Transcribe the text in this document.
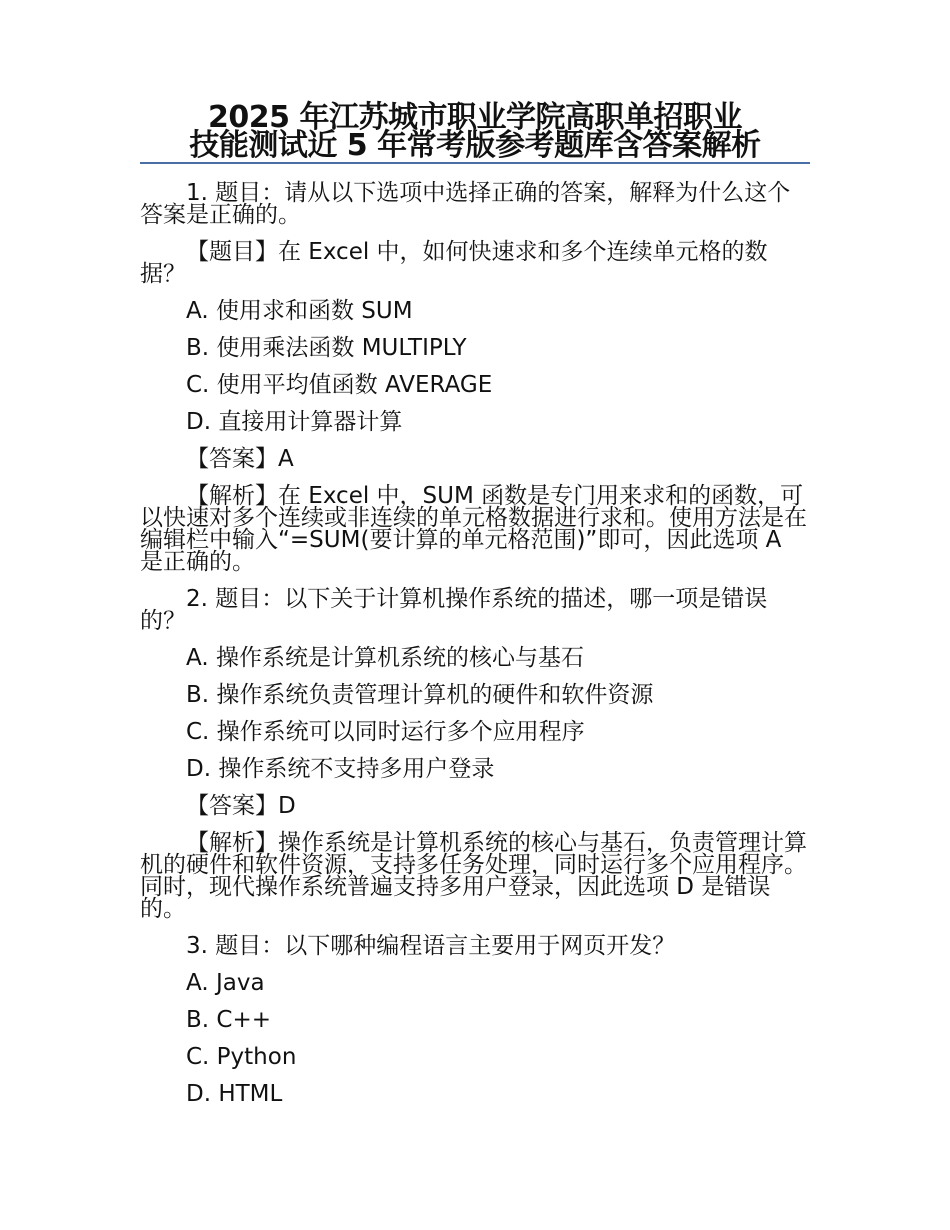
2025 年江苏城市职业学院高职单招职业
技能测试近 5 年常考版参考题库含答案解析

1. 题目：请从以下选项中选择正确的答案，解释为什么这个答案是正确的。

【题目】在 Excel 中，如何快速求和多个连续单元格的数据？

A. 使用求和函数 SUM

B. 使用乘法函数 MULTIPLY

C. 使用平均值函数 AVERAGE

D. 直接用计算器计算

【答案】A

【解析】在 Excel 中，SUM 函数是专门用来求和的函数，可以快速对多个连续或非连续的单元格数据进行求和。使用方法是在编辑栏中输入“=SUM(要计算的单元格范围)”即可，因此选项 A 是正确的。

2. 题目：以下关于计算机操作系统的描述，哪一项是错误的？

A. 操作系统是计算机系统的核心与基石

B. 操作系统负责管理计算机的硬件和软件资源

C. 操作系统可以同时运行多个应用程序

D. 操作系统不支持多用户登录

【答案】D

【解析】操作系统是计算机系统的核心与基石，负责管理计算机的硬件和软件资源，支持多任务处理，同时运行多个应用程序。同时，现代操作系统普遍支持多用户登录，因此选项 D 是错误的。

3. 题目：以下哪种编程语言主要用于网页开发？

A. Java

B. C++

C. Python

D. HTML
